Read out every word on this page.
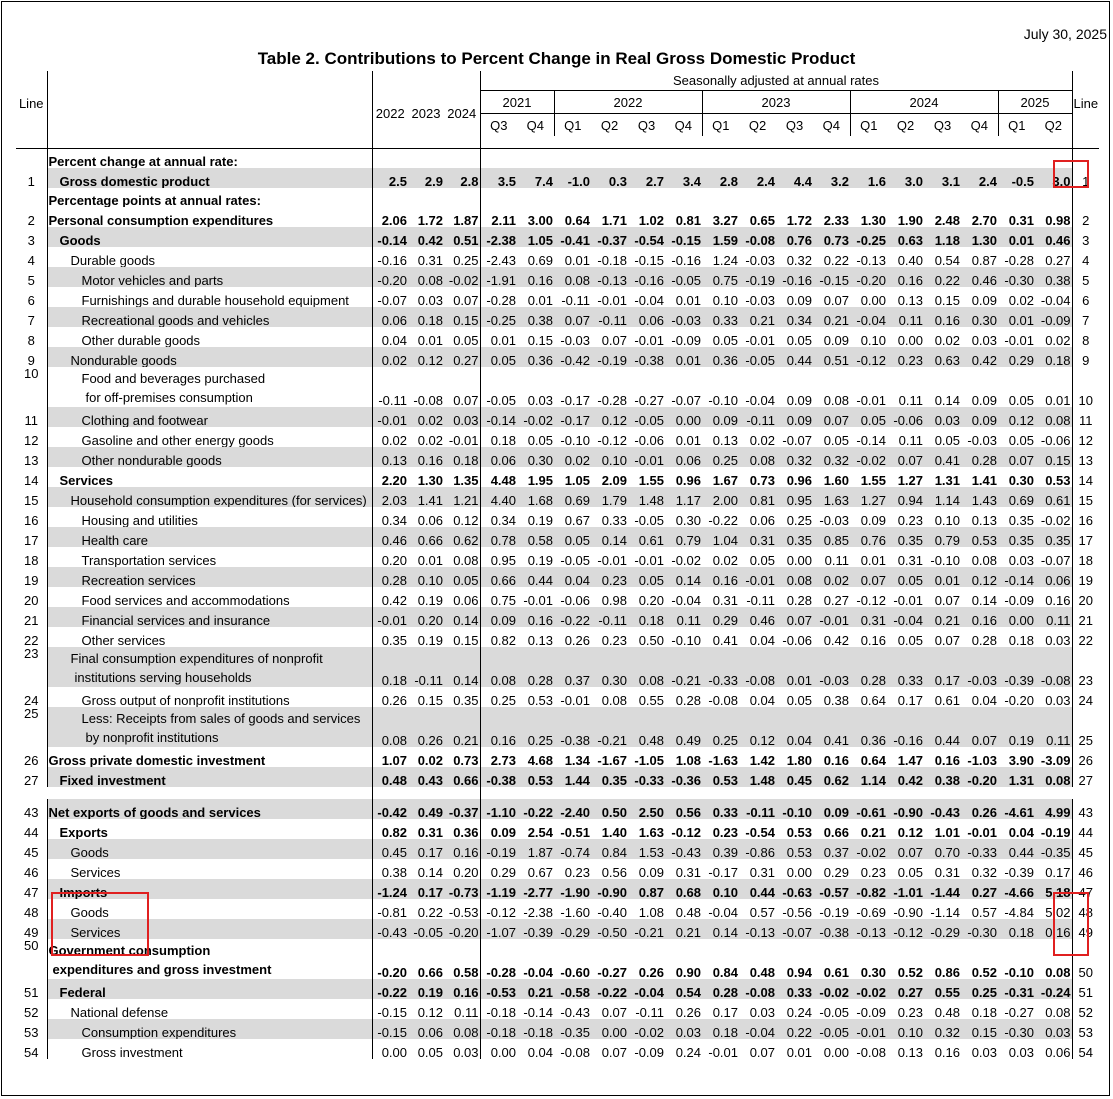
July 30, 2025
Table 2. Contributions to Percent Change in Real Gross Domestic Product
Line					Seasonally adjusted at annual rates																Line
		2022	2023	2024	2021		2022				2023				2024				2025		
					Q3	Q4	Q1	Q2	Q3	Q4	Q1	Q2	Q3	Q4	Q1	Q2	Q3	Q4	Q1	Q2	

	Percent change at annual rate:																				
1	Gross domestic product	2.5	2.9	2.8	3.5	7.4	-1.0	0.3	2.7	3.4	2.8	2.4	4.4	3.2	1.6	3.0	3.1	2.4	-0.5	3.0	1
	Percentage points at annual rates:																				
2	Personal consumption expenditures	2.06	1.72	1.87	2.11	3.00	0.64	1.71	1.02	0.81	3.27	0.65	1.72	2.33	1.30	1.90	2.48	2.70	0.31	0.98	2
3	Goods	-0.14	0.42	0.51	-2.38	1.05	-0.41	-0.37	-0.54	-0.15	1.59	-0.08	0.76	0.73	-0.25	0.63	1.18	1.30	0.01	0.46	3
4	Durable goods	-0.16	0.31	0.25	-2.43	0.69	0.01	-0.18	-0.15	-0.16	1.24	-0.03	0.32	0.22	-0.13	0.40	0.54	0.87	-0.28	0.27	4
5	Motor vehicles and parts	-0.20	0.08	-0.02	-1.91	0.16	0.08	-0.13	-0.16	-0.05	0.75	-0.19	-0.16	-0.15	-0.20	0.16	0.22	0.46	-0.30	0.38	5
6	Furnishings and durable household equipment	-0.07	0.03	0.07	-0.28	0.01	-0.11	-0.01	-0.04	0.01	0.10	-0.03	0.09	0.07	0.00	0.13	0.15	0.09	0.02	-0.04	6
7	Recreational goods and vehicles	0.06	0.18	0.15	-0.25	0.38	0.07	-0.11	0.06	-0.03	0.33	0.21	0.34	0.21	-0.04	0.11	0.16	0.30	0.01	-0.09	7
8	Other durable goods	0.04	0.01	0.05	0.01	0.15	-0.03	0.07	-0.01	-0.09	0.05	-0.01	0.05	0.09	0.10	0.00	0.02	0.03	-0.01	0.02	8
9	Nondurable goods	0.02	0.12	0.27	0.05	0.36	-0.42	-0.19	-0.38	0.01	0.36	-0.05	0.44	0.51	-0.12	0.23	0.63	0.42	0.29	0.18	9
10	Food and beverages purchased
for off-premises consumption	-0.11	-0.08	0.07	-0.05	0.03	-0.17	-0.28	-0.27	-0.07	-0.10	-0.04	0.09	0.08	-0.01	0.11	0.14	0.09	0.05	0.01	10
11	Clothing and footwear	-0.01	0.02	0.03	-0.14	-0.02	-0.17	0.12	-0.05	0.00	0.09	-0.11	0.09	0.07	0.05	-0.06	0.03	0.09	0.12	0.08	11
12	Gasoline and other energy goods	0.02	0.02	-0.01	0.18	0.05	-0.10	-0.12	-0.06	0.01	0.13	0.02	-0.07	0.05	-0.14	0.11	0.05	-0.03	0.05	-0.06	12
13	Other nondurable goods	0.13	0.16	0.18	0.06	0.30	0.02	0.10	-0.01	0.06	0.25	0.08	0.32	0.32	-0.02	0.07	0.41	0.28	0.07	0.15	13
14	Services	2.20	1.30	1.35	4.48	1.95	1.05	2.09	1.55	0.96	1.67	0.73	0.96	1.60	1.55	1.27	1.31	1.41	0.30	0.53	14
15	Household consumption expenditures (for services)	2.03	1.41	1.21	4.40	1.68	0.69	1.79	1.48	1.17	2.00	0.81	0.95	1.63	1.27	0.94	1.14	1.43	0.69	0.61	15
16	Housing and utilities	0.34	0.06	0.12	0.34	0.19	0.67	0.33	-0.05	0.30	-0.22	0.06	0.25	-0.03	0.09	0.23	0.10	0.13	0.35	-0.02	16
17	Health care	0.46	0.66	0.62	0.78	0.58	0.05	0.14	0.61	0.79	1.04	0.31	0.35	0.85	0.76	0.35	0.79	0.53	0.35	0.35	17
18	Transportation services	0.20	0.01	0.08	0.95	0.19	-0.05	-0.01	-0.01	-0.02	0.02	0.05	0.00	0.11	0.01	0.31	-0.10	0.08	0.03	-0.07	18
19	Recreation services	0.28	0.10	0.05	0.66	0.44	0.04	0.23	0.05	0.14	0.16	-0.01	0.08	0.02	0.07	0.05	0.01	0.12	-0.14	0.06	19
20	Food services and accommodations	0.42	0.19	0.06	0.75	-0.01	-0.06	0.98	0.20	-0.04	0.31	-0.11	0.28	0.27	-0.12	-0.01	0.07	0.14	-0.09	0.16	20
21	Financial services and insurance	-0.01	0.20	0.14	0.09	0.16	-0.22	-0.11	0.18	0.11	0.29	0.46	0.07	-0.01	0.31	-0.04	0.21	0.16	0.00	0.11	21
22	Other services	0.35	0.19	0.15	0.82	0.13	0.26	0.23	0.50	-0.10	0.41	0.04	-0.06	0.42	0.16	0.05	0.07	0.28	0.18	0.03	22
23	Final consumption expenditures of nonprofit
institutions serving households	0.18	-0.11	0.14	0.08	0.28	0.37	0.30	0.08	-0.21	-0.33	-0.08	0.01	-0.03	0.28	0.33	0.17	-0.03	-0.39	-0.08	23
24	Gross output of nonprofit institutions	0.26	0.15	0.35	0.25	0.53	-0.01	0.08	0.55	0.28	-0.08	0.04	0.05	0.38	0.64	0.17	0.61	0.04	-0.20	0.03	24
25	Less: Receipts from sales of goods and services
by nonprofit institutions	0.08	0.26	0.21	0.16	0.25	-0.38	-0.21	0.48	0.49	0.25	0.12	0.04	0.41	0.36	-0.16	0.44	0.07	0.19	0.11	25
26	Gross private domestic investment	1.07	0.02	0.73	2.73	4.68	1.34	-1.67	-1.05	1.08	-1.63	1.42	1.80	0.16	0.64	1.47	0.16	-1.03	3.90	-3.09	26
27	Fixed investment	0.48	0.43	0.66	-0.38	0.53	1.44	0.35	-0.33	-0.36	0.53	1.48	0.45	0.62	1.14	0.42	0.38	-0.20	1.31	0.08	27

43	Net exports of goods and services	-0.42	0.49	-0.37	-1.10	-0.22	-2.40	0.50	2.50	0.56	0.33	-0.11	-0.10	0.09	-0.61	-0.90	-0.43	0.26	-4.61	4.99	43
44	Exports	0.82	0.31	0.36	0.09	2.54	-0.51	1.40	1.63	-0.12	0.23	-0.54	0.53	0.66	0.21	0.12	1.01	-0.01	0.04	-0.19	44
45	Goods	0.45	0.17	0.16	-0.19	1.87	-0.74	0.84	1.53	-0.43	0.39	-0.86	0.53	0.37	-0.02	0.07	0.70	-0.33	0.44	-0.35	45
46	Services	0.38	0.14	0.20	0.29	0.67	0.23	0.56	0.09	0.31	-0.17	0.31	0.00	0.29	0.23	0.05	0.31	0.32	-0.39	0.17	46
47	Imports	-1.24	0.17	-0.73	-1.19	-2.77	-1.90	-0.90	0.87	0.68	0.10	0.44	-0.63	-0.57	-0.82	-1.01	-1.44	0.27	-4.66	5.18	47
48	Goods	-0.81	0.22	-0.53	-0.12	-2.38	-1.60	-0.40	1.08	0.48	-0.04	0.57	-0.56	-0.19	-0.69	-0.90	-1.14	0.57	-4.84	5.02	48
49	Services	-0.43	-0.05	-0.20	-1.07	-0.39	-0.29	-0.50	-0.21	0.21	0.14	-0.13	-0.07	-0.38	-0.13	-0.12	-0.29	-0.30	0.18	0.16	49
50	Government consumption
expenditures and gross investment	-0.20	0.66	0.58	-0.28	-0.04	-0.60	-0.27	0.26	0.90	0.84	0.48	0.94	0.61	0.30	0.52	0.86	0.52	-0.10	0.08	50
51	Federal	-0.22	0.19	0.16	-0.53	0.21	-0.58	-0.22	-0.04	0.54	0.28	-0.08	0.33	-0.02	-0.02	0.27	0.55	0.25	-0.31	-0.24	51
52	National defense	-0.15	0.12	0.11	-0.18	-0.14	-0.43	0.07	-0.11	0.26	0.17	0.03	0.24	-0.05	-0.09	0.23	0.48	0.18	-0.27	0.08	52
53	Consumption expenditures	-0.15	0.06	0.08	-0.18	-0.18	-0.35	0.00	-0.02	0.03	0.18	-0.04	0.22	-0.05	-0.01	0.10	0.32	0.15	-0.30	0.03	53
54	Gross investment	0.00	0.05	0.03	0.00	0.04	-0.08	0.07	-0.09	0.24	-0.01	0.07	0.01	0.00	-0.08	0.13	0.16	0.03	0.03	0.06	54
